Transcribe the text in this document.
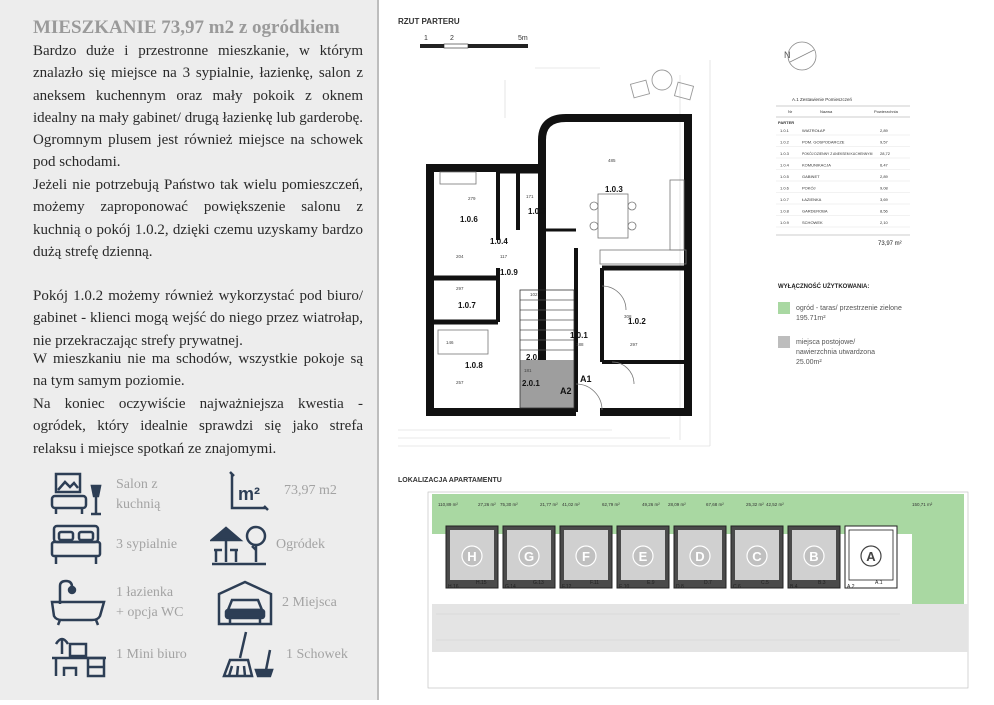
MIESZKANIE 73,97 m2 z ogródkiem

Bardzo duże i przestronne mieszkanie, w którym znalazło się miejsce na 3 sypialnie, łazienkę, salon z aneksem kuchennym oraz mały pokoik z oknem idealny na mały gabinet/ drugą łazienkę lub garderobę. Ogromnym plusem jest również miejsce na schowek pod schodami.

Jeżeli nie potrzebują Państwo tak wielu pomieszczeń, możemy zaproponować powiększenie salonu z kuchnią o pokój 1.0.2, dzięki czemu uzyskamy bardzo dużą strefę dzienną.

Pokój 1.0.2 możemy również wykorzystać pod biuro/ gabinet - klienci mogą wejść do niego przez wiatrołap, nie przekraczając strefy prywatnej.

W mieszkaniu nie ma schodów, wszystkie pokoje są na tym samym poziomie.

Na koniec oczywiście najważniejsza kwestia - ogródek, który idealnie sprawdzi się jako strefa relaksu i miejsce spotkań ze znajomymi.

Salon z
kuchnią
m² 73,97 m2
3 sypialnie	Ogródek
1 łazienka
+ opcja WC
2 Miejsca
1 Mini biuro	1 Schowek
RZUT PARTERU
1	2	5m
N
1.0.3
1.0.6
1.0.5
1.0.4
1.0.9
1.0.7
1.0.8
1.0.2
1.0.1
2.0.2
2.0.1	A1
A2
485
279	171
204	117
297
146
257
181
297
188
308
102
A.1 Zestawienie Pomieszczeń
Nr	Nazwa	Powierzchnia
PARTER
1.0.1	WIATROŁAP	2,89
1.0.2	POM. GOSPODARCZE	9,57
1.0.3	POKÓJ DZIENNY Z ANEKSEM KUCHENNYM 28,72
1.0.4	KOMUNIKACJA	6,47
1.0.5	GABINET	2,89
1.0.6	POKÓJ	9,08
1.0.7	ŁAZIENKA	3,69
1.0.8	GARDEROBA	8,56
1.0.9	SCHOWEK	2,10
73,97 m²
WYŁĄCZNOŚĆ UŻYTKOWANIA:
ogród - taras/ przestrzenie zielone
195.71m²
miejsca postojowe/
nawierzchnia utwardzona
25.00m²
LOKALIZACJA APARTAMENTU
H
H.16
H.15
G
G.14
G.13
F
F.12
F.11
E
E.10
E.9
D
D.8
D.7
C
C.6
C.5
B
B.4
B.3
A
A.2
A.1
110,89 m²	27,26 m² 75,30 m²	21,77 m² 41,02 m²	62,79 m²	49,26 m² 28,09 m²	67,68 m²	25,32 m² 42,52 m²	150,71 m²
